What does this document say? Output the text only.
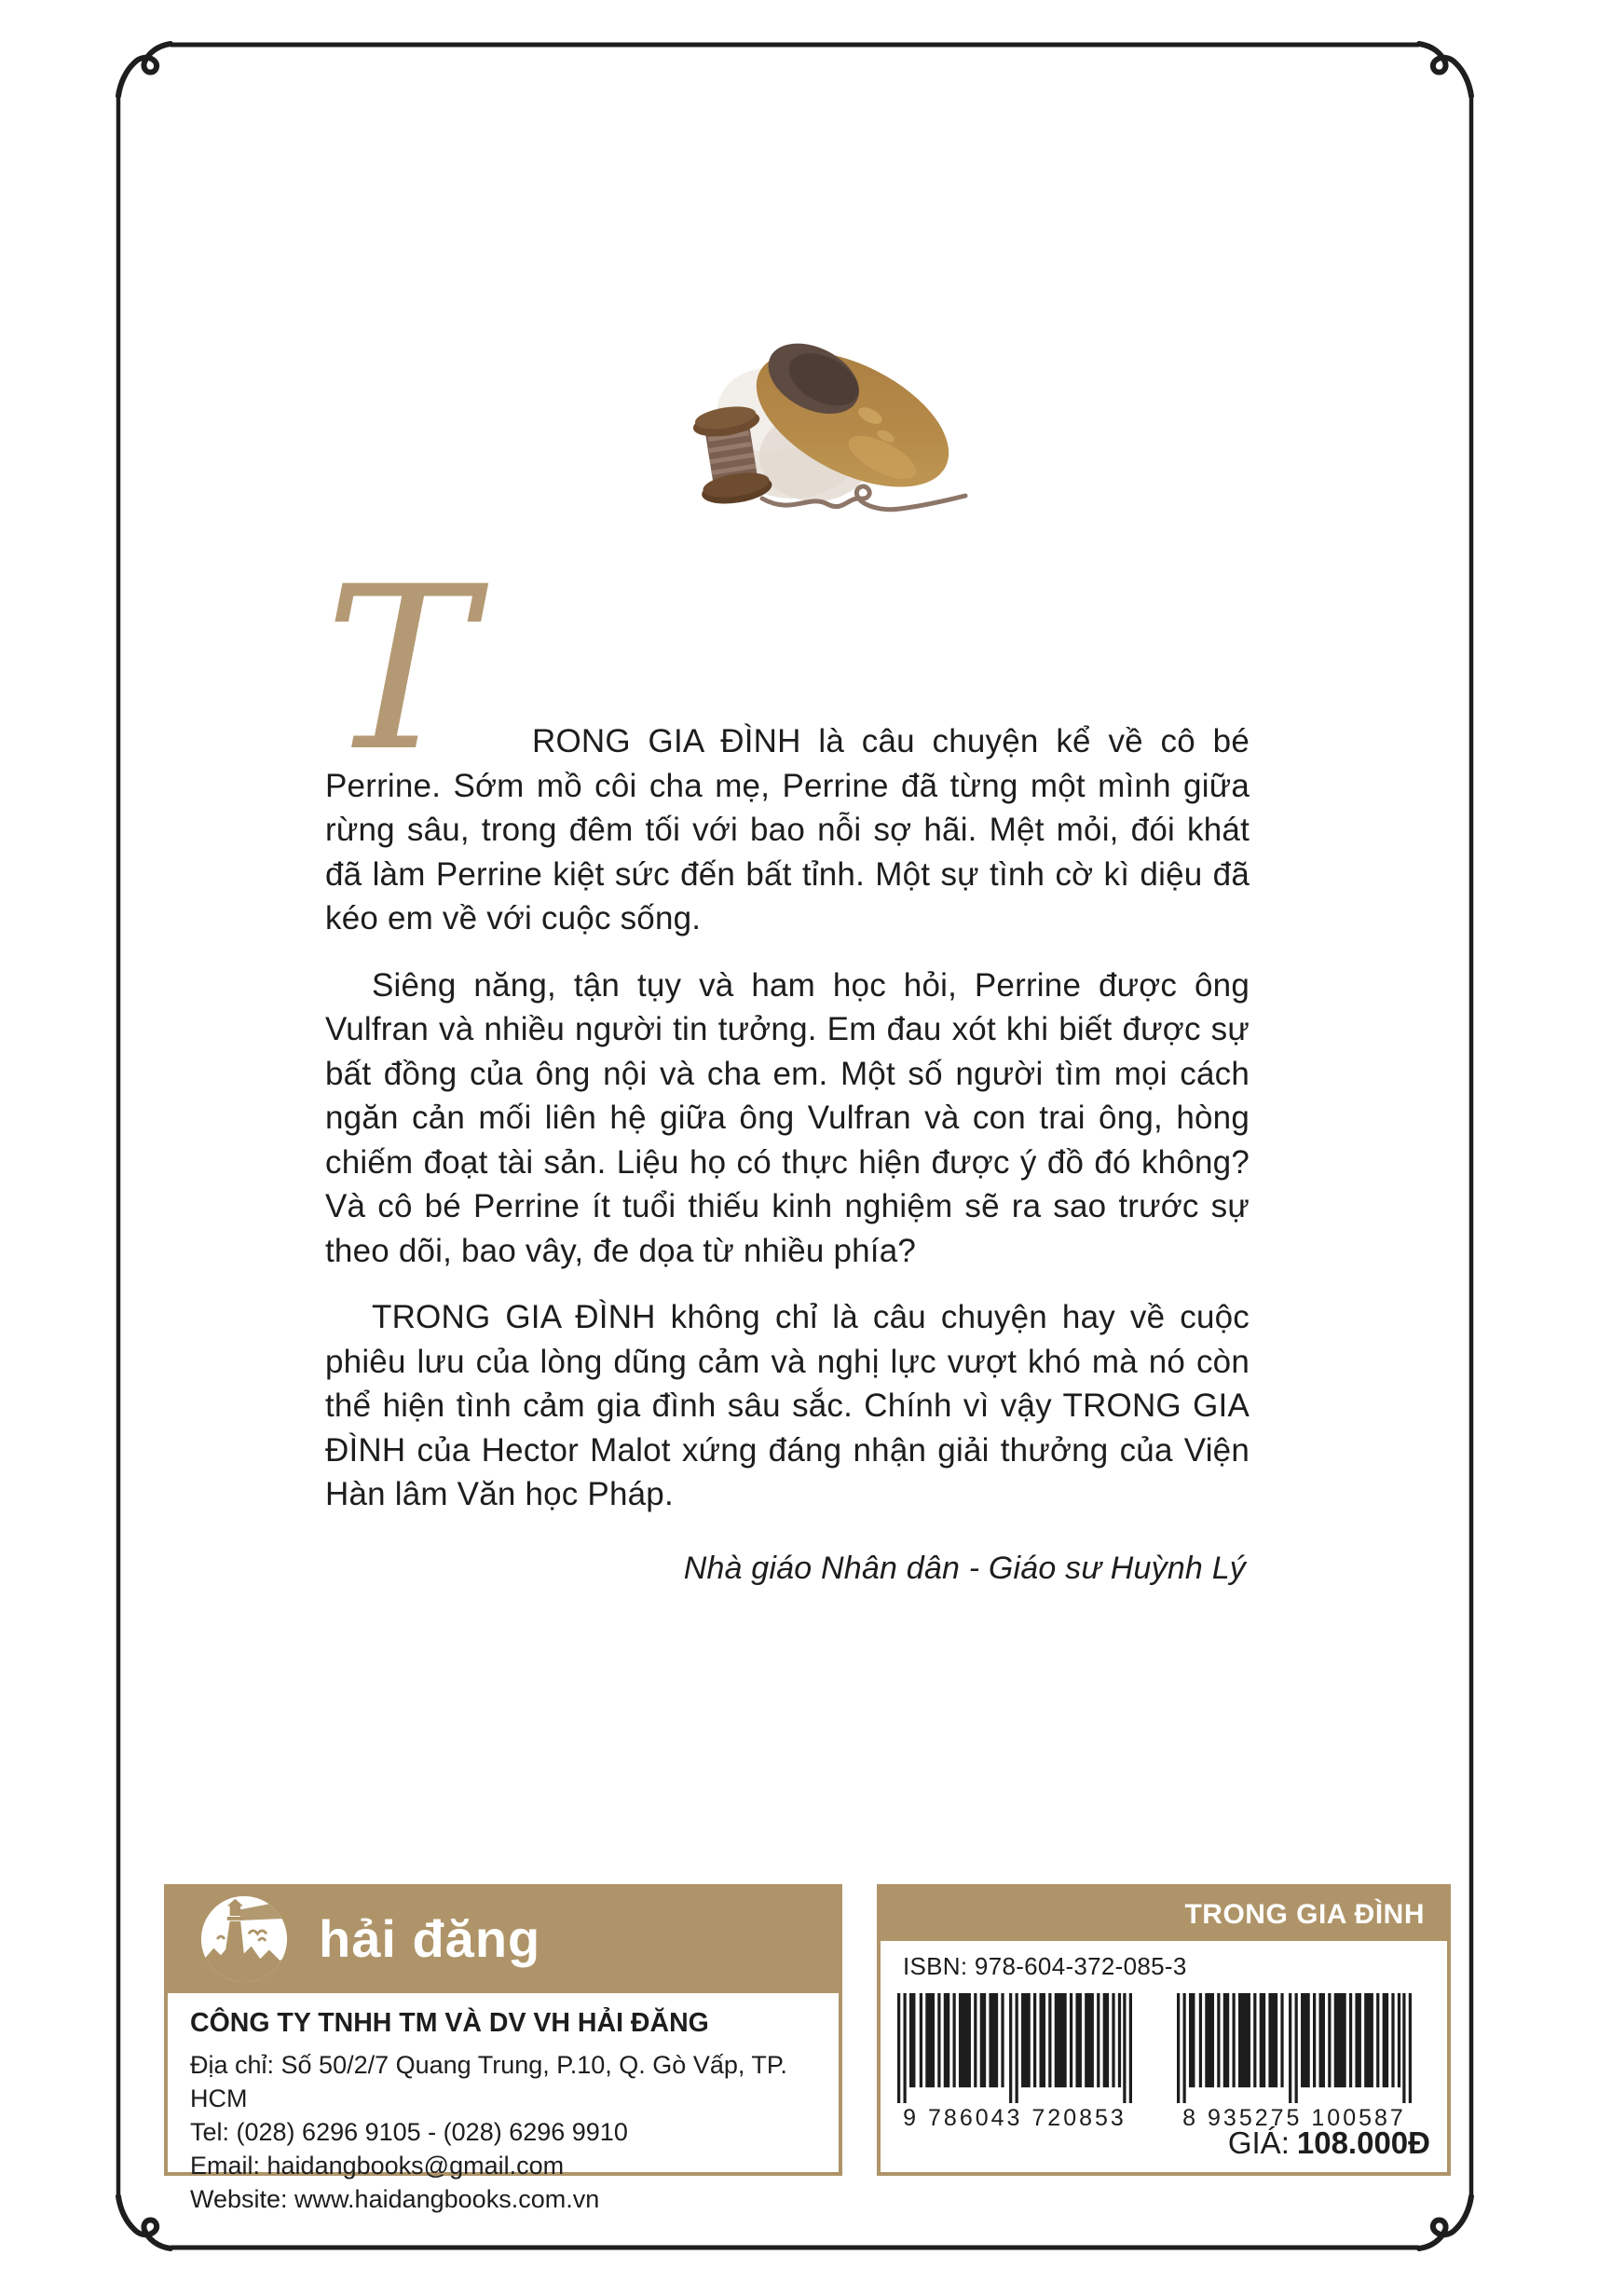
T	RONG GIA ĐÌNH là câu chuyện kể về cô bé Perrine. Sớm mồ côi cha mẹ, Perrine đã từng một mình giữa rừng sâu, trong đêm tối với bao nỗi sợ hãi. Mệt mỏi, đói khát đã làm Perrine kiệt sức đến bất tỉnh. Một sự tình cờ kì diệu đã kéo em về với cuộc sống.

Siêng năng, tận tụy và ham học hỏi, Perrine được ông Vulfran và nhiều người tin tưởng. Em đau xót khi biết được sự bất đồng của ông nội và cha em. Một số người tìm mọi cách ngăn cản mối liên hệ giữa ông Vulfran và con trai ông, hòng chiếm đoạt tài sản. Liệu họ có thực hiện được ý đồ đó không? Và cô bé Perrine ít tuổi thiếu kinh nghiệm sẽ ra sao trước sự theo dõi, bao vây, đe dọa từ nhiều phía?

TRONG GIA ĐÌNH không chỉ là câu chuyện hay về cuộc phiêu lưu của lòng dũng cảm và nghị lực vượt khó mà nó còn thể hiện tình cảm gia đình sâu sắc. Chính vì vậy TRONG GIA ĐÌNH của Hector Malot xứng đáng nhận giải thưởng của Viện Hàn lâm Văn học Pháp.

Nhà giáo Nhân dân - Giáo sư Huỳnh Lý
hải đăng
CÔNG TY TNHH TM VÀ DV VH HẢI ĐĂNG
Địa chỉ: Số 50/2/7 Quang Trung, P.10, Q. Gò Vấp, TP. HCM
Tel: (028) 6296 9105 - (028) 6296 9910
Email: haidangbooks@gmail.com
Website: www.haidangbooks.com.vn
TRONG GIA ĐÌNH
ISBN: 978-604-372-085-3
9 786043 720853 8 935275 100587
GIÁ: 108.000Đ
